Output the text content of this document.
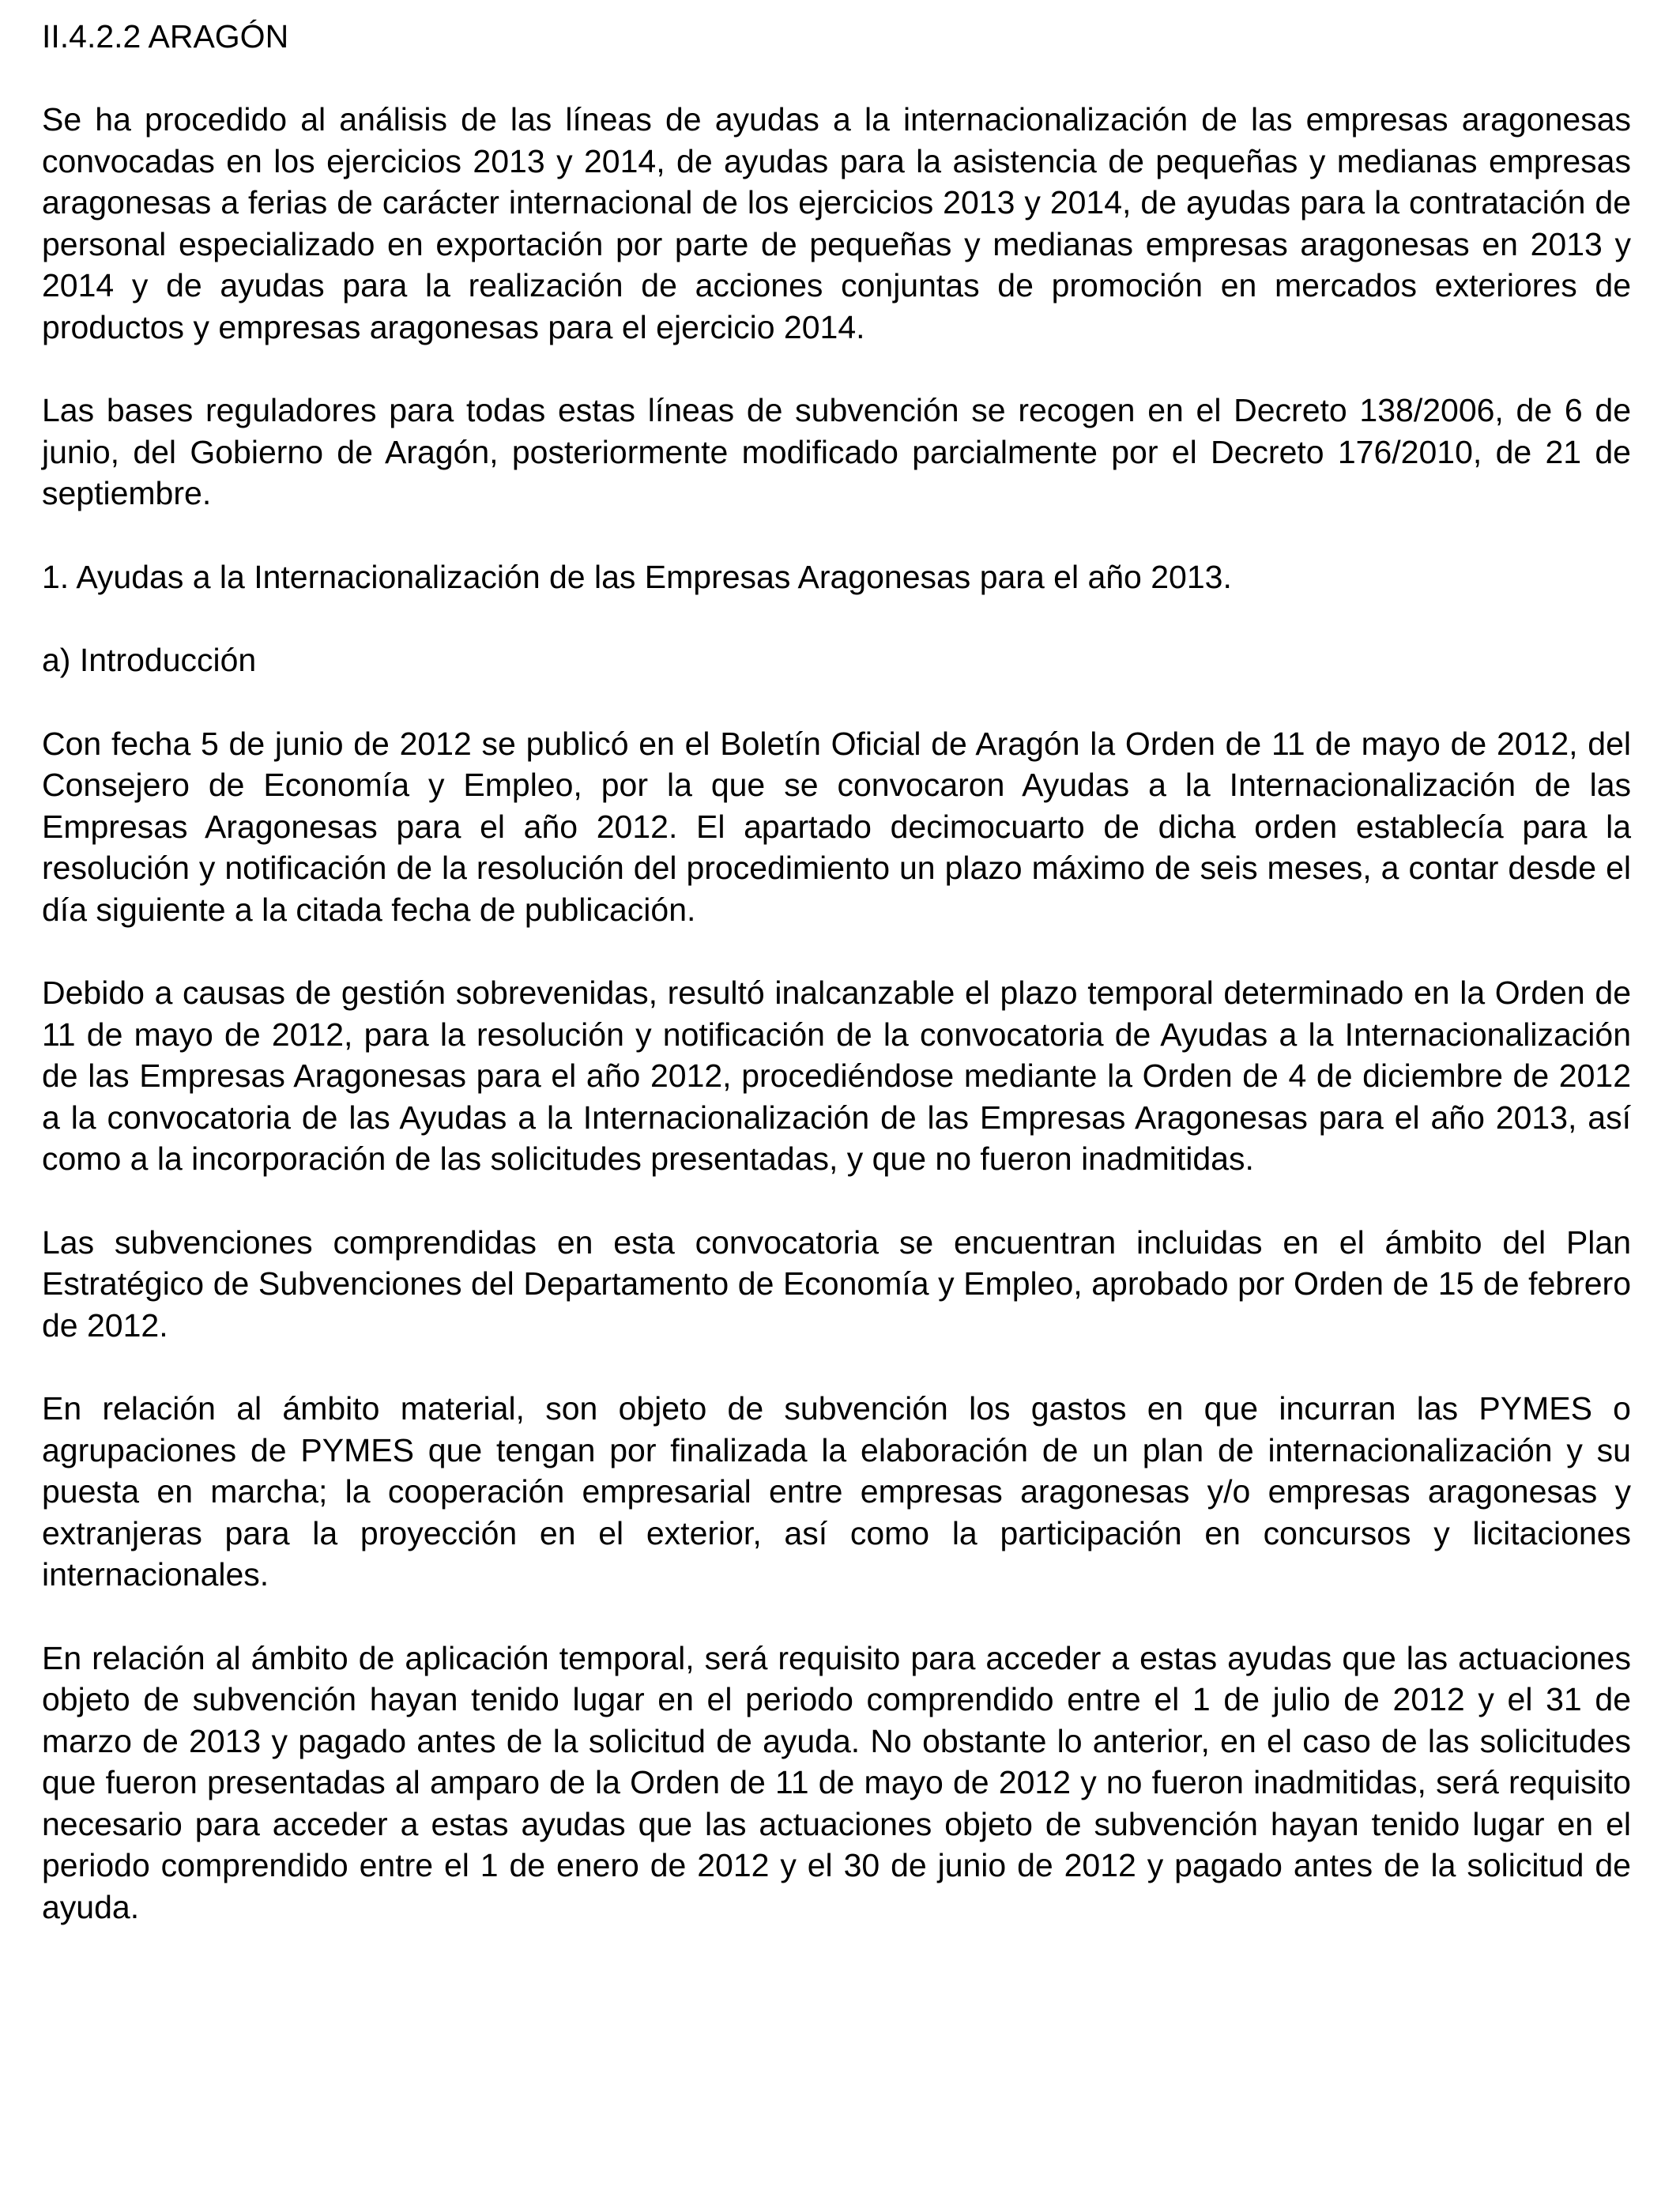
II.4.2.2 ARAGÓN

Se ha procedido al análisis de las líneas de ayudas a la internacionalización de las empresas aragonesas convocadas en los ejercicios 2013 y 2014, de ayudas para la asistencia de pequeñas y medianas empresas aragonesas a ferias de carácter internacional de los ejercicios 2013 y 2014, de ayudas para la contratación de personal especializado en exportación por parte de pequeñas y medianas empresas aragonesas en 2013 y 2014 y de ayudas para la realización de acciones conjuntas de promoción en mercados exteriores de productos y empresas aragonesas para el ejercicio 2014.

Las bases reguladores para todas estas líneas de subvención se recogen en el Decreto 138/2006, de 6 de junio, del Gobierno de Aragón, posteriormente modificado parcialmente por el Decreto 176/2010, de 21 de septiembre.

1. Ayudas a la Internacionalización de las Empresas Aragonesas para el año 2013.

a) Introducción

Con fecha 5 de junio de 2012 se publicó en el Boletín Oficial de Aragón la Orden de 11 de mayo de 2012, del Consejero de Economía y Empleo, por la que se convocaron Ayudas a la Internacionalización de las Empresas Aragonesas para el año 2012. El apartado decimocuarto de dicha orden establecía para la resolución y notificación de la resolución del procedimiento un plazo máximo de seis meses, a contar desde el día siguiente a la citada fecha de publicación.

Debido a causas de gestión sobrevenidas, resultó inalcanzable el plazo temporal determinado en la Orden de 11 de mayo de 2012, para la resolución y notificación de la convocatoria de Ayudas a la Internacionalización de las Empresas Aragonesas para el año 2012, procediéndose mediante la Orden de 4 de diciembre de 2012 a la convocatoria de las Ayudas a la Internacionalización de las Empresas Aragonesas para el año 2013, así como a la incorporación de las solicitudes presentadas, y que no fueron inadmitidas.

Las subvenciones comprendidas en esta convocatoria se encuentran incluidas en el ámbito del Plan Estratégico de Subvenciones del Departamento de Economía y Empleo, aprobado por Orden de 15 de febrero de 2012.

En relación al ámbito material, son objeto de subvención los gastos en que incurran las PYMES o agrupaciones de PYMES que tengan por finalizada la elaboración de un plan de internacionalización y su puesta en marcha; la cooperación empresarial entre empresas aragonesas y/o empresas aragonesas y extranjeras para la proyección en el exterior, así como la participación en concursos y licitaciones internacionales.

En relación al ámbito de aplicación temporal, será requisito para acceder a estas ayudas que las actuaciones objeto de subvención hayan tenido lugar en el periodo comprendido entre el 1 de julio de 2012 y el 31 de marzo de 2013 y pagado antes de la solicitud de ayuda. No obstante lo anterior, en el caso de las solicitudes que fueron presentadas al amparo de la Orden de 11 de mayo de 2012 y no fueron inadmitidas, será requisito necesario para acceder a estas ayudas que las actuaciones objeto de subvención hayan tenido lugar en el periodo comprendido entre el 1 de enero de 2012 y el 30 de junio de 2012 y pagado antes de la solicitud de ayuda.
